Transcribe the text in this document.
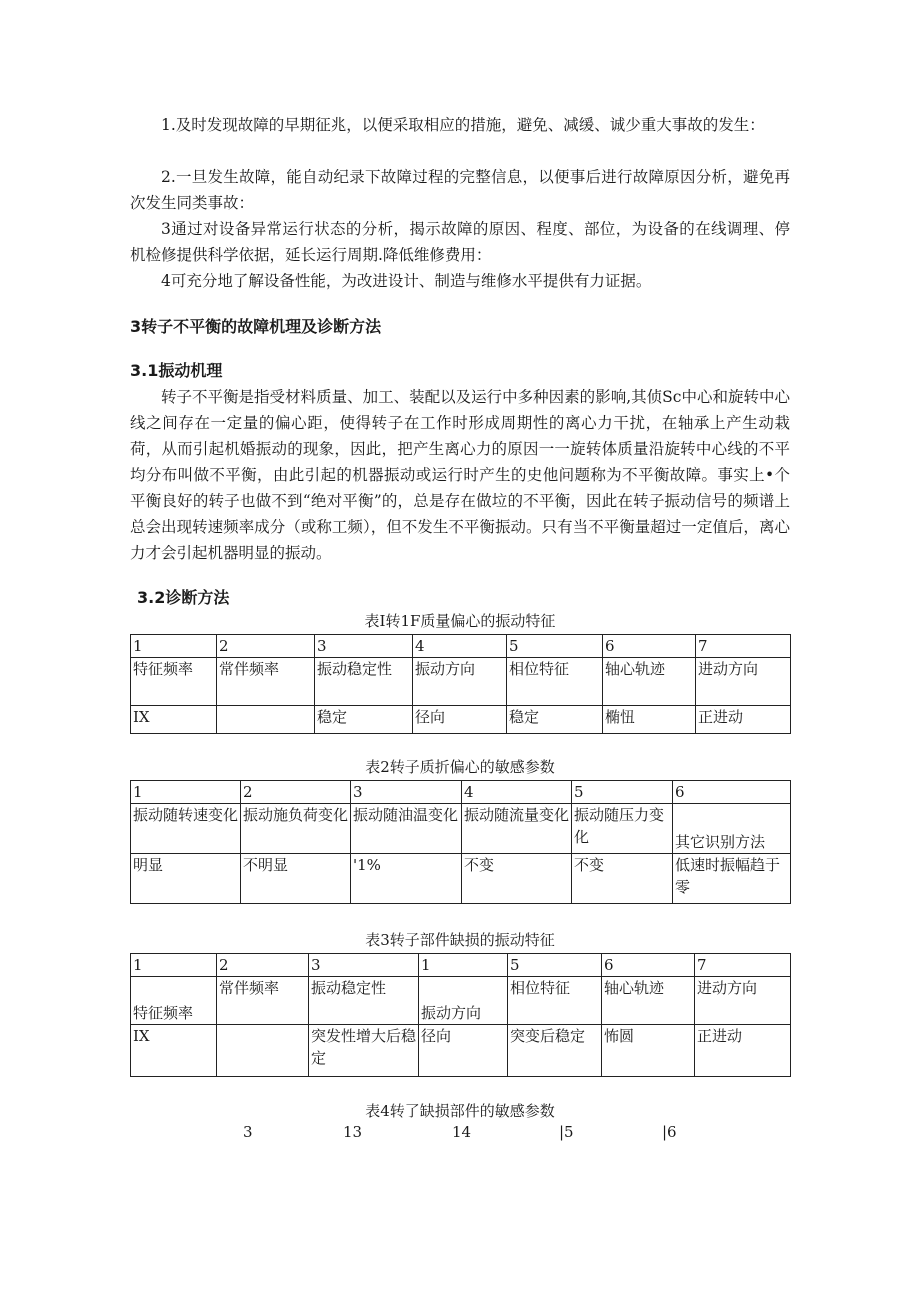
1.及时发现故障的早期征兆，以便采取相应的措施，避免、减缓、诚少重大事故的发生：

2.一旦发生故障，能自动纪录下故障过程的完整信息，以便事后进行故障原因分析，避免再次发生同类事故：

3通过对设备异常运行状态的分析，揭示故障的原因、程度、部位，为设备的在线调理、停机检修提供科学依据，延长运行周期.降低维修费用：

4可充分地了解设备性能，为改进设计、制造与维修水平提供有力证据。

3转子不平衡的故障机理及诊断方法
3.1振动机理

转子不平衡是指受材料质量、加工、装配以及运行中多种因素的影响,其侦Sc中心和旋转中心线之间存在一定量的偏心距，使得转子在工作时形成周期性的离心力干扰，在轴承上产生动栽荷，从而引起机婚振动的现象，因此，把产生离心力的原因一一旋转体质量沿旋转中心线的不平均分布叫做不平衡，由此引起的机器振动或运行时产生的史他问题称为不平衡故障。事实上•个平衡良好的转子也做不到“绝对平衡”的，总是存在做垃的不平衡，因此在转子振动信号的频谱上总会出现转速频率成分（或称工频），但不发生不平衡振动。只有当不平衡量超过一定值后，离心力才会引起机器明显的振动。

3.2诊断方法

表I转1F质量偏心的振动特征

1	2	3	4	5	6	7
特征频率	常伴频率	振动稳定性	振动方向	相位特征	轴心轨迹	进动方向
IX		稳定	径向	稳定	椭忸	正进动

表2转子质折偏心的敏感参数

1	2	3	4	5	6
振动随转速变化	振动施负荷变化	振动随油温变化	振动随流量变化	振动随压力变化	其它识别方法
明显	不明显	'1%	不变	不变	低速时振幅趋于零

表3转子部件缺损的振动特征

1	2	3	1	5	6	7
特征频率	常伴频率	振动稳定性	振动方向	相位特征	轴心轨迹	进动方向
IX		突发性增大后稳定	径向	突变后稳定	怖圆	正进动

表4转了缺损部件的敏感参数

3	13	14	|5	|6
